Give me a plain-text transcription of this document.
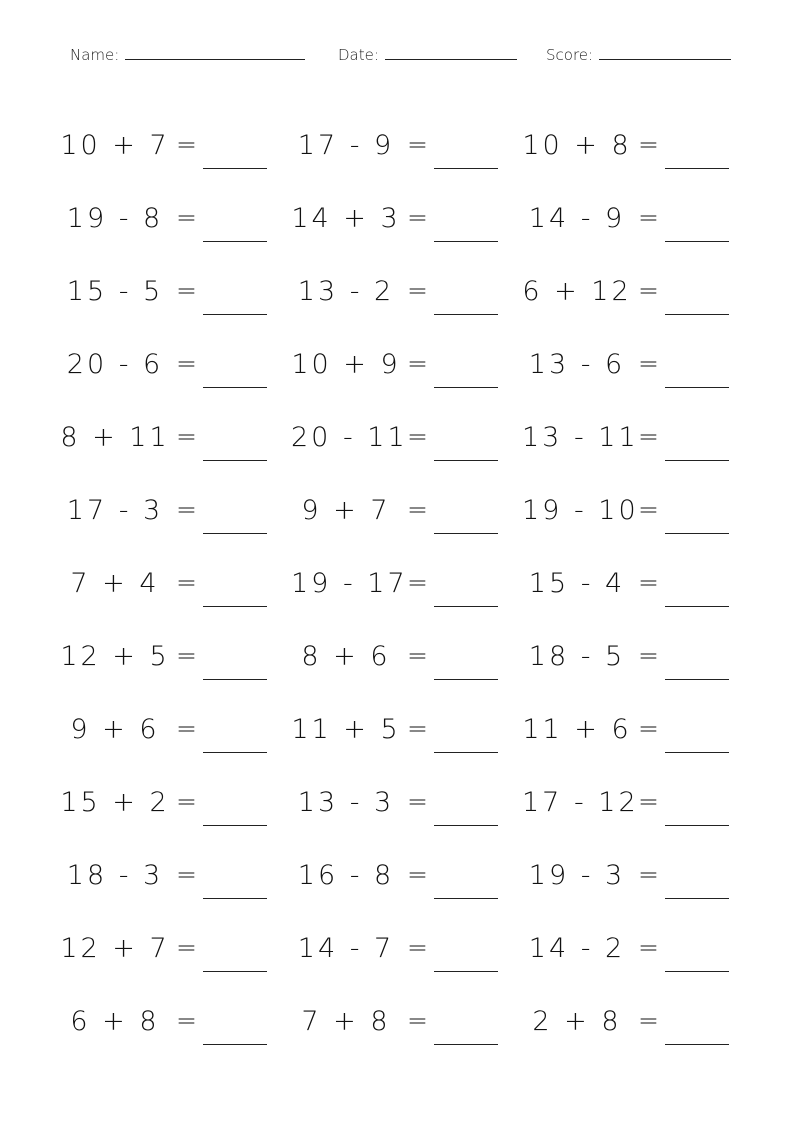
Name:	Date:	Score:
10 + 7 =	17 - 9 =	10 + 8 =
19 - 8 =	14 + 3 =	14 - 9 =
15 - 5 =	13 - 2 =	6 + 12 =
20 - 6 =	10 + 9 =	13 - 6 =
8 + 11 =	20 - 11 =	13 - 11 =
17 - 3 =	9 + 7 =	19 - 10 =
7 + 4 =	19 - 17 =	15 - 4 =
12 + 5 =	8 + 6 =	18 - 5 =
9 + 6 =	11 + 5 =	11 + 6 =
15 + 2 =	13 - 3 =	17 - 12 =
18 - 3 =	16 - 8 =	19 - 3 =
12 + 7 =	14 - 7 =	14 - 2 =
6 + 8 =	7 + 8 =	2 + 8 =
